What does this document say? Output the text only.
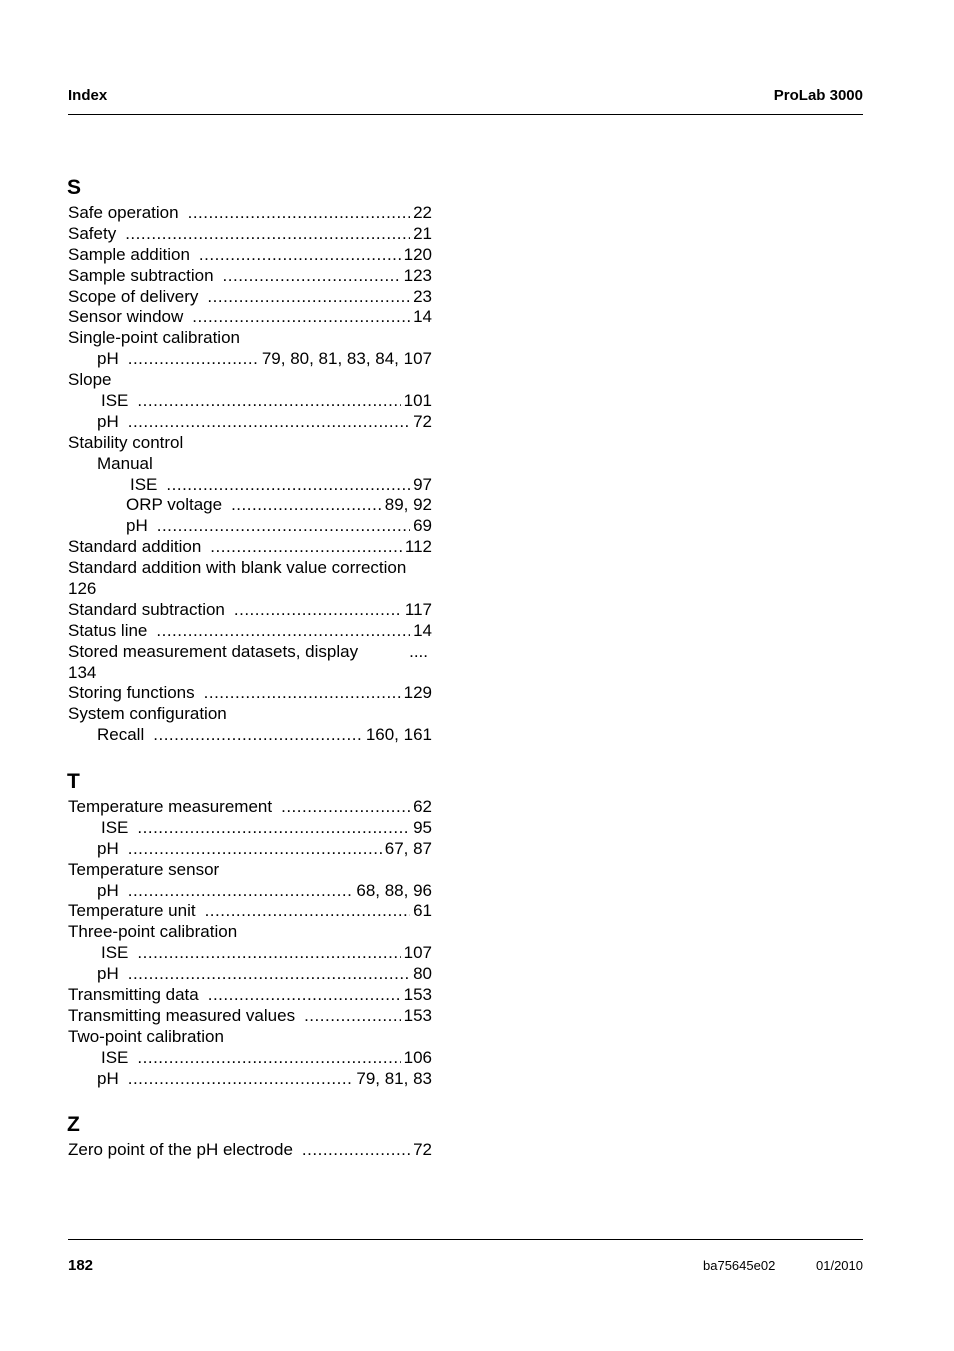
Index	ProLab 3000
S
Safe operation .....	22
Safety .....	21
Sample addition .....	120
Sample subtraction .....	123
Scope of delivery .....	23
Sensor window .....	14
Single-point calibration
pH .....	79, 80, 81, 83, 84, 107
Slope
ISE .....	101
pH .....	72
Stability control
Manual
ISE .....	97
ORP voltage .....	89, 92
pH .....	69
Standard addition .....	112
Standard addition with blank value correction
126
Standard subtraction .....	117
Status line .....	14
Stored measurement datasets, display	....
134
Storing functions .....	129
System configuration
Recall .....	160, 161
T
Temperature measurement .....	62
ISE .....	95
pH .....	67, 87
Temperature sensor
pH .....	68, 88, 96
Temperature unit .....	61
Three-point calibration
ISE .....	107
pH .....	80
Transmitting data .....	153
Transmitting measured values .....	153
Two-point calibration
ISE .....	106
pH .....	79, 81, 83
Z
Zero point of the pH electrode .....	72
182	ba75645e02	01/2010
